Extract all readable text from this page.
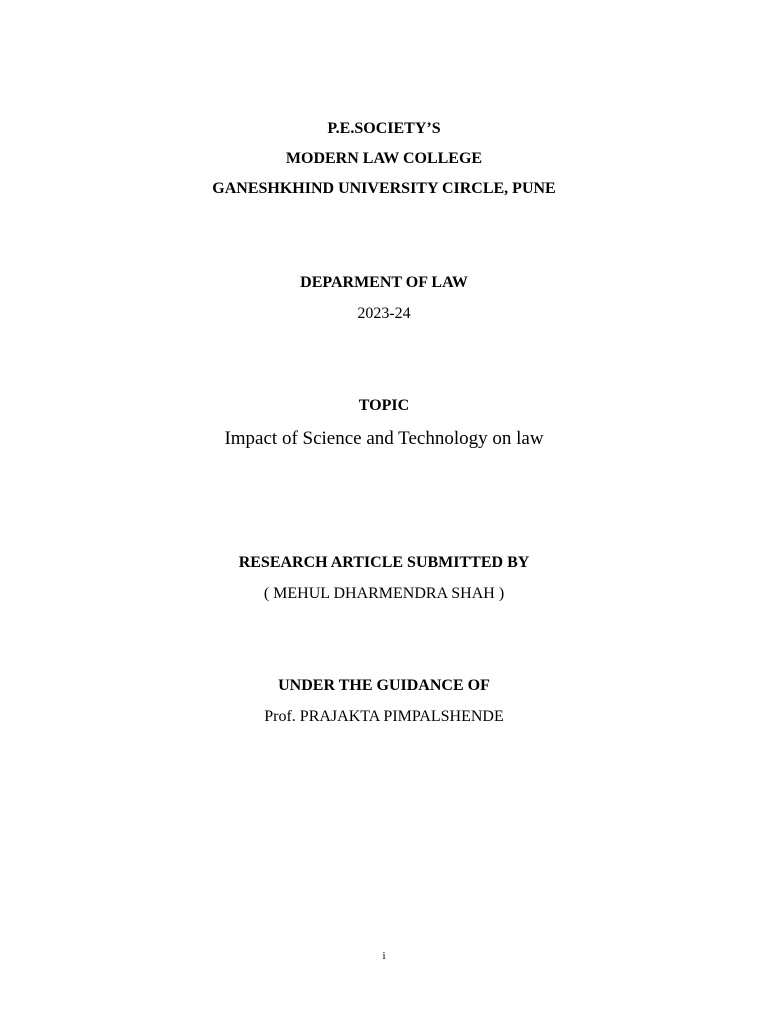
P.E.SOCIETY’S
MODERN LAW COLLEGE
GANESHKHIND UNIVERSITY CIRCLE, PUNE
DEPARMENT OF LAW
2023-24
TOPIC
Impact of Science and Technology on law
RESEARCH ARTICLE SUBMITTED BY
( MEHUL DHARMENDRA SHAH )
UNDER THE GUIDANCE OF
Prof. PRAJAKTA PIMPALSHENDE
i
